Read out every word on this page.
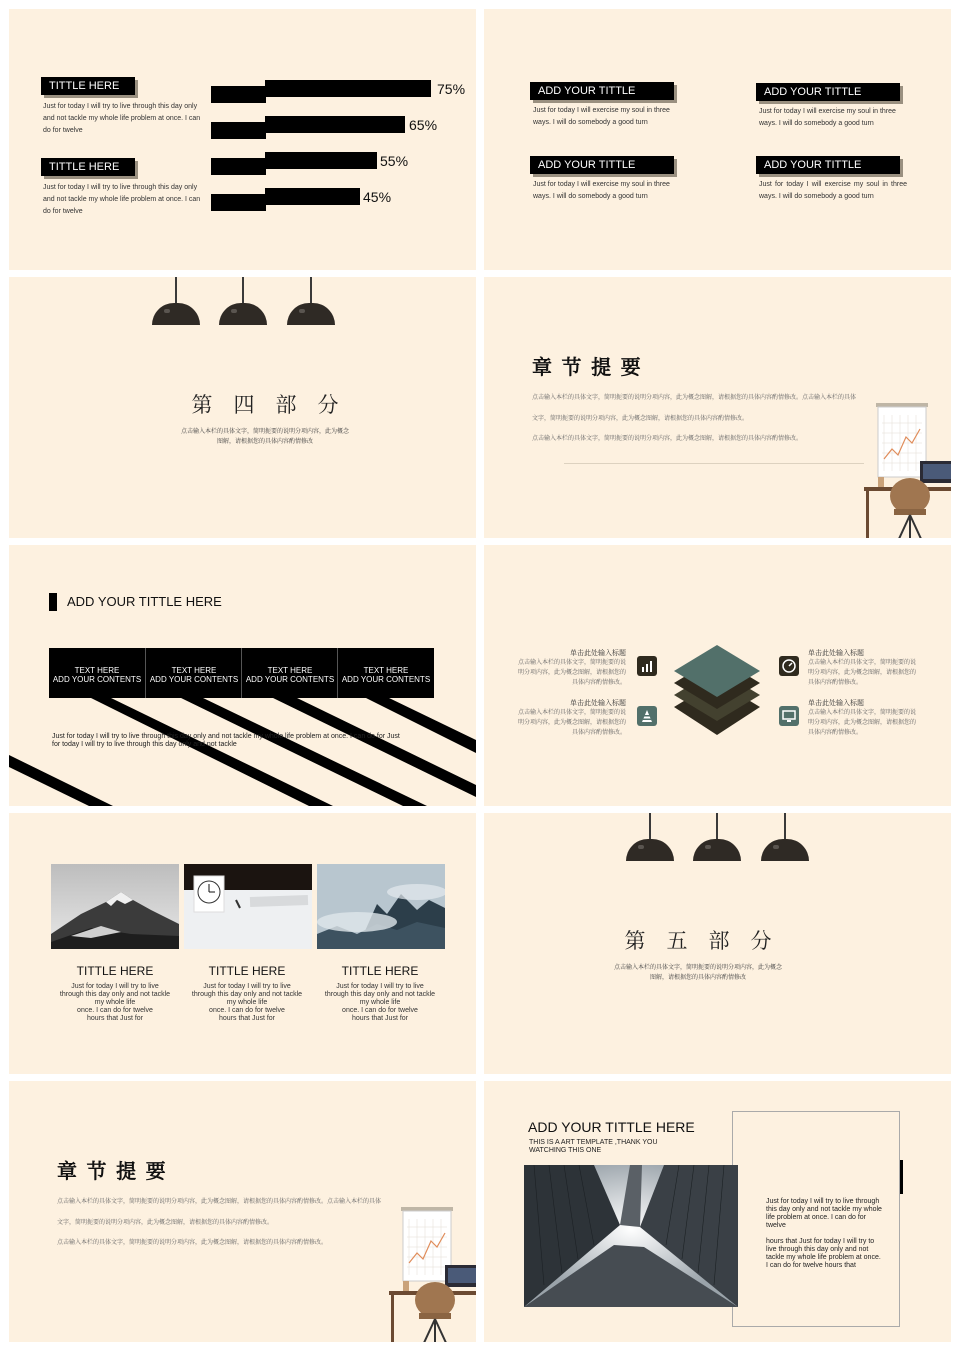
TITTLE HERE
Just for today I will try to live through this day only and not tackle my whole life problem at once. I can do for twelve
TITTLE HERE
Just for today I will try to live through this day only and not tackle my whole life problem at once. I can do for twelve
75%
65%
55%
45%
ADD YOUR TITTLE
Just for today I will exercise my soul in three ways. I will do somebody a good turn
ADD YOUR TITTLE
Just for today I will exercise my soul in three ways. I will do somebody a good turn
ADD YOUR TITTLE
Just for today I will exercise my soul in three ways. I will do somebody a good turn
ADD YOUR TITTLE
Just for today I will exercise my soul in three ways. I will do somebody a good turn
第　四　部　分
点击输入本栏的具体文字，简明扼要的说明分项内容，此为概念
图解，请根据您的具体内容酌情修改
章 节 提 要
点击输入本栏的具体文字，简明扼要的说明分项内容，此为概念图解，请根据您的具体内容酌情修改。点击输入本栏的具体
文字，简明扼要的说明分项内容，此为概念图解，请根据您的具体内容酌情修改。
点击输入本栏的具体文字，简明扼要的说明分项内容，此为概念图解，请根据您的具体内容酌情修改。
ADD YOUR TITTLE HERE
TEXT HERE
ADD YOUR CONTENTS
TEXT HERE
ADD YOUR CONTENTS
TEXT HERE
ADD YOUR CONTENTS
TEXT HERE
ADD YOUR CONTENTS
Just for today I will try to live through this day only and not tackle my whole life problem at once. I can do for Just
for today I will try to live through this day only and not tackle
单击此处输入标题
点击输入本栏的具体文字，简明扼要的说明分项内容，此为概念图解，请根据您的具体内容酌情修改。
单击此处输入标题
点击输入本栏的具体文字，简明扼要的说明分项内容，此为概念图解，请根据您的具体内容酌情修改。
单击此处输入标题
点击输入本栏的具体文字，简明扼要的说明分项内容，此为概念图解，请根据您的具体内容酌情修改。
单击此处输入标题
点击输入本栏的具体文字，简明扼要的说明分项内容，此为概念图解，请根据您的具体内容酌情修改。
TITTLE HERE
Just for today I will try to live
through this day only and not tackle
my whole life
once. I can do for twelve
hours that Just for
TITTLE HERE
Just for today I will try to live
through this day only and not tackle
my whole life
once. I can do for twelve
hours that Just for
TITTLE HERE
Just for today I will try to live
through this day only and not tackle
my whole life
once. I can do for twelve
hours that Just for
第　五　部　分
点击输入本栏的具体文字，简明扼要的说明分项内容，此为概念
图解，请根据您的具体内容酌情修改
章 节 提 要
点击输入本栏的具体文字，简明扼要的说明分项内容，此为概念图解，请根据您的具体内容酌情修改。点击输入本栏的具体
文字，简明扼要的说明分项内容，此为概念图解，请根据您的具体内容酌情修改。
点击输入本栏的具体文字，简明扼要的说明分项内容，此为概念图解，请根据您的具体内容酌情修改。
ADD YOUR TITTLE HERE
THIS IS A ART TEMPLATE ,THANK YOU
WATCHING THIS ONE
Just for today I will try to live through
this day only and not tackle my whole
life problem at once. I can do for
twelve
hours that Just for today I will try to
live through this day only and not
tackle my whole life problem at once.
I can do for twelve hours that
